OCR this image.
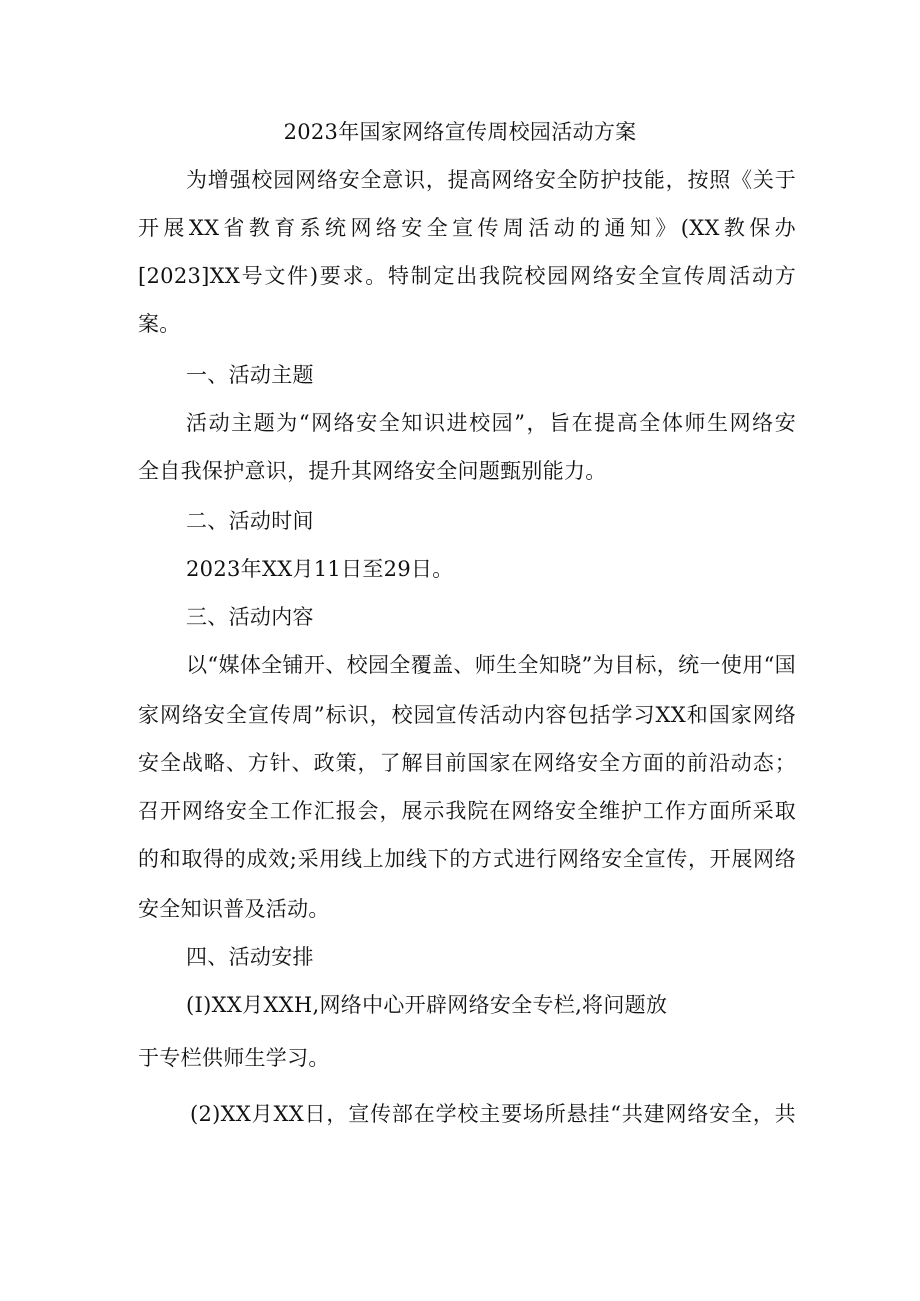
2023年国家网络宣传周校园活动方案
为增强校园网络安全意识，提高网络安全防护技能，按照《关于
开展XX省教育系统网络安全宣传周活动的通知》(XX教保办
[2023]XX号文件)要求。特制定出我院校园网络安全宣传周活动方
案。
一、活动主题
活动主题为“网络安全知识进校园”，旨在提高全体师生网络安
全自我保护意识，提升其网络安全问题甄别能力。
二、活动时间
2023年XX月11日至29日。
三、活动内容
以“媒体全铺开、校园全覆盖、师生全知晓”为目标，统一使用“国
家网络安全宣传周”标识，校园宣传活动内容包括学习XX和国家网络
安全战略、方针、政策，了解目前国家在网络安全方面的前沿动态；
召开网络安全工作汇报会，展示我院在网络安全维护工作方面所采取
的和取得的成效;采用线上加线下的方式进行网络安全宣传，开展网络
安全知识普及活动。
四、活动安排
(I)XX月XXH,网络中心开辟网络安全专栏,将问题放
于专栏供师生学习。
(2)XX月XX日，宣传部在学校主要场所悬挂“共建网络安全，共
